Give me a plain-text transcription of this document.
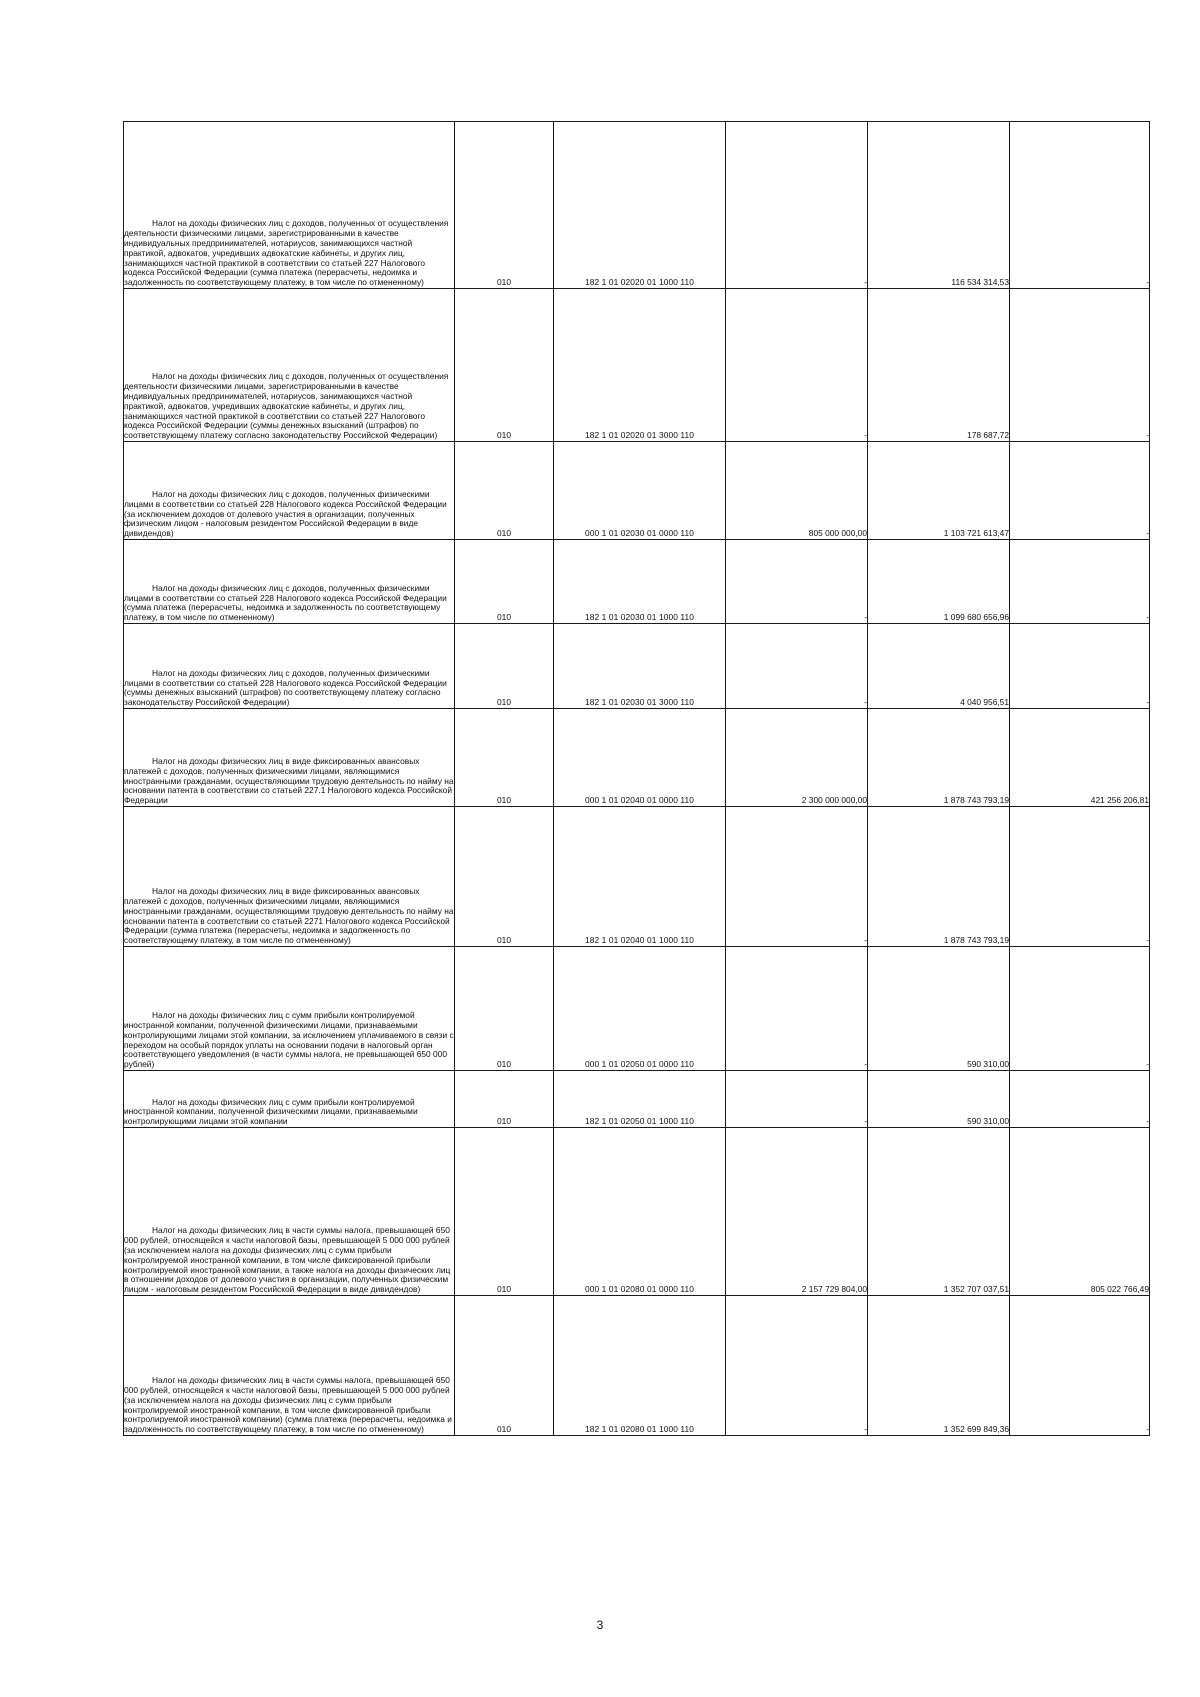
Налог на доходы физических лиц с доходов, полученных от осуществления деятельности физическими лицами, зарегистрированными в качестве индивидуальных предпринимателей, нотариусов, занимающихся частной практикой, адвокатов, учредивших адвокатские кабинеты, и других лиц, занимающихся частной практикой в соответствии со статьей 227 Налогового кодекса Российской Федерации (сумма платежа (перерасчеты, недоимка и задолженность по соответствующему платежу, в том числе по отмененному)	010	182 1 01 02020 01 1000 110	-	116 534 314,53	-

Налог на доходы физических лиц с доходов, полученных от осуществления деятельности физическими лицами, зарегистрированными в качестве индивидуальных предпринимателей, нотариусов, занимающихся частной практикой, адвокатов, учредивших адвокатские кабинеты, и других лиц, занимающихся частной практикой в соответствии со статьей 227 Налогового кодекса Российской Федерации (суммы денежных взысканий (штрафов) по соответствующему платежу согласно законодательству Российской Федерации)	010	182 1 01 02020 01 3000 110	-	178 687,72	-

Налог на доходы физических лиц с доходов, полученных физическими лицами в соответствии со статьей 228 Налогового кодекса Российской Федерации (за исключением доходов от долевого участия в организации, полученных физическим лицом - налоговым резидентом Российской Федерации в виде дивидендов)	010	000 1 01 02030 01 0000 110	805 000 000,00	1 103 721 613,47	-

Налог на доходы физических лиц с доходов, полученных физическими лицами в соответствии со статьей 228 Налогового кодекса Российской Федерации (сумма платежа (перерасчеты, недоимка и задолженность по соответствующему платежу, в том числе по отмененному)	010	182 1 01 02030 01 1000 110	-	1 099 680 656,96	-

Налог на доходы физических лиц с доходов, полученных физическими лицами в соответствии со статьей 228 Налогового кодекса Российской Федерации (суммы денежных взысканий (штрафов) по соответствующему платежу согласно законодательству Российской Федерации)	010	182 1 01 02030 01 3000 110	-	4 040 956,51	-

Налог на доходы физических лиц в виде фиксированных авансовых платежей с доходов, полученных физическими лицами, являющимися иностранными гражданами, осуществляющими трудовую деятельность по найму на основании патента в соответствии со статьей 227.1 Налогового кодекса Российской Федерации	010	000 1 01 02040 01 0000 110	2 300 000 000,00	1 878 743 793,19	421 256 206,81

Налог на доходы физических лиц в виде фиксированных авансовых платежей с доходов, полученных физическими лицами, являющимися иностранными гражданами, осуществляющими трудовую деятельность по найму на основании патента в соответствии со статьей 2271 Налогового кодекса Российской Федерации (сумма платежа (перерасчеты, недоимка и задолженность по соответствующему платежу, в том числе по отмененному)	010	182 1 01 02040 01 1000 110	-	1 878 743 793,19	-

Налог на доходы физических лиц с сумм прибыли контролируемой иностранной компании, полученной физическими лицами, признаваемыми контролирующими лицами этой компании, за исключением уплачиваемого в связи с переходом на особый порядок уплаты на основании подачи в налоговый орган соответствующего уведомления (в части суммы налога, не превышающей 650 000 рублей)	010	000 1 01 02050 01 0000 110	-	590 310,00	-

Налог на доходы физических лиц с сумм прибыли контролируемой иностранной компании, полученной физическими лицами, признаваемыми контролирующими лицами этой компании	010	182 1 01 02050 01 1000 110	-	590 310,00	-

Налог на доходы физических лиц в части суммы налога, превышающей 650 000 рублей, относящейся к части налоговой базы, превышающей 5 000 000 рублей (за исключением налога на доходы физических лиц с сумм прибыли контролируемой иностранной компании, в том числе фиксированной прибыли контролируемой иностранной компании, а также налога на доходы физических лиц в отношении доходов от долевого участия в организации, полученных физическим лицом - налоговым резидентом Российской Федерации в виде дивидендов)	010	000 1 01 02080 01 0000 110	2 157 729 804,00	1 352 707 037,51	805 022 766,49

Налог на доходы физических лиц в части суммы налога, превышающей 650 000 рублей, относящейся к части налоговой базы, превышающей 5 000 000 рублей (за исключением налога на доходы физических лиц с сумм прибыли контролируемой иностранной компании, в том числе фиксированной прибыли контролируемой иностранной компании) (сумма платежа (перерасчеты, недоимка и задолженность по соответствующему платежу, в том числе по отмененному)	010	182 1 01 02080 01 1000 110	-	1 352 699 849,36	-
3
